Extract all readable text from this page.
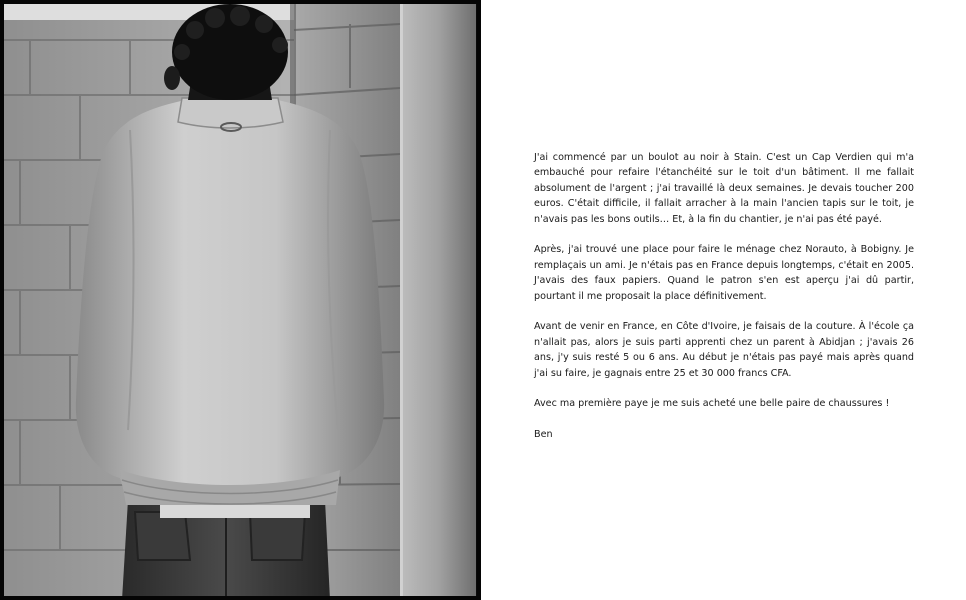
J'ai commencé par un boulot au noir à Stain. C'est un Cap Verdien qui m'a embauché pour refaire l'étanchéité sur le toit d'un bâtiment. Il me fallait absolument de l'argent ; j'ai travaillé là deux semaines. Je devais toucher 200 euros. C'était difficile, il fallait arracher à la main l'ancien tapis sur le toit, je n'avais pas les bons outils… Et, à la fin du chantier, je n'ai pas été payé.

Après, j'ai trouvé une place pour faire le ménage chez Norauto, à Bobigny. Je remplaçais un ami. Je n'étais pas en France depuis longtemps, c'était en 2005. J'avais des faux papiers. Quand le patron s'en est aperçu j'ai dû partir, pourtant il me proposait la place définitivement.

Avant de venir en France, en Côte d'Ivoire, je faisais de la couture. À l'école ça n'allait pas, alors je suis parti apprenti chez un parent à Abidjan ; j'avais 26 ans, j'y suis resté 5 ou 6 ans. Au début je n'étais pas payé mais après quand j'ai su faire, je gagnais entre 25 et 30 000 francs CFA.

Avec ma première paye je me suis acheté une belle paire de chaussures !

Ben
